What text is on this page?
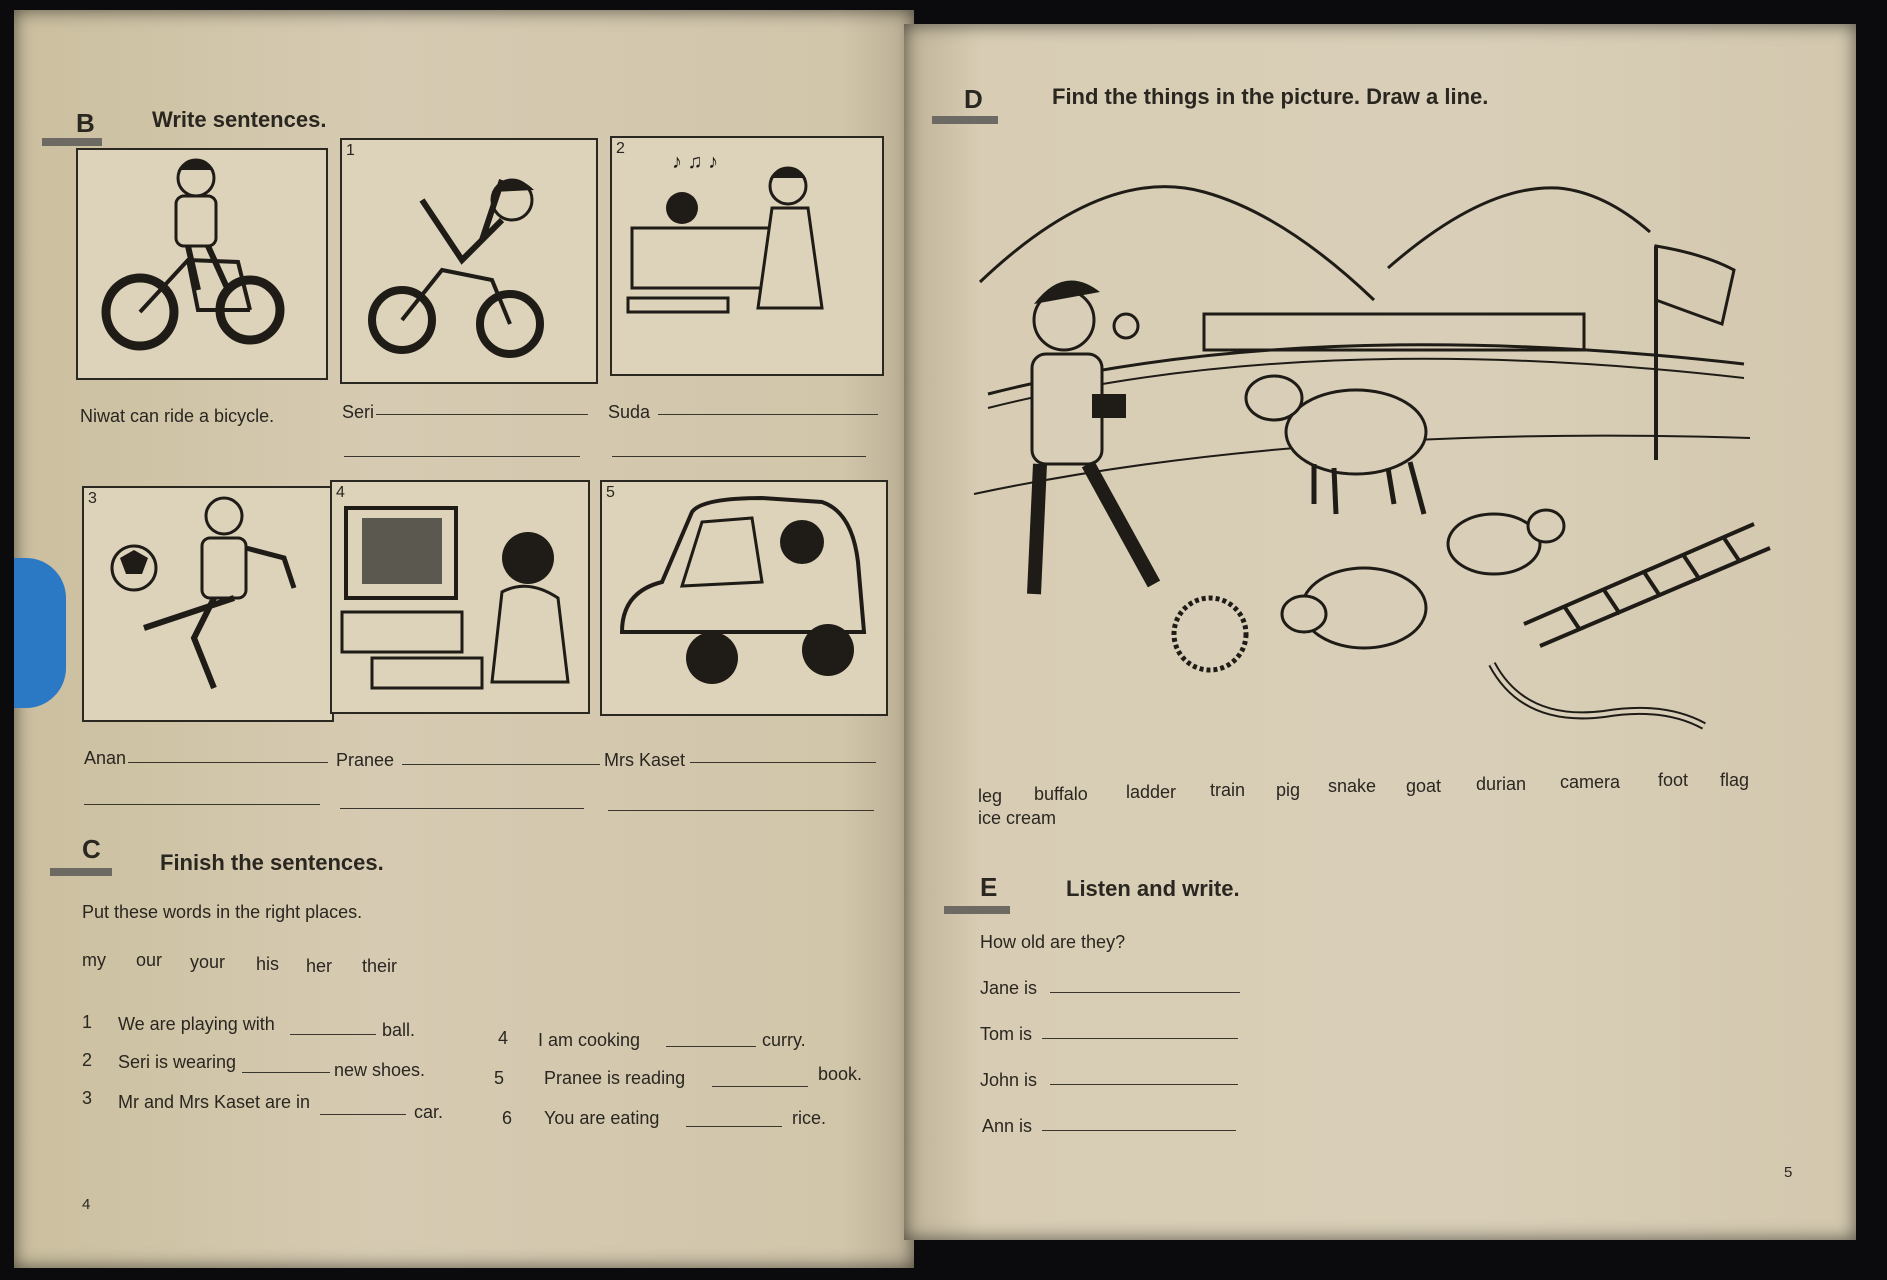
B	Write sentences.
Niwat can ride a bicycle.
1
Seri
2
♪ ♫ ♪
Suda
3
Anan
4
Pranee
5
Mrs Kaset
C	Finish the sentences.
Put these words in the right places.
my our your his her their
1 We are playing with	ball.
2 Seri is wearing	new shoes.
3 Mr and Mrs Kaset are in	car.
4 I am cooking	curry.
5 Pranee is reading	book.
6 You are eating	rice.
4
D	Find the things in the picture. Draw a line.
leg buffalo ladder train pig snake goat durian camera foot flag
ice cream
E	Listen and write.
How old are they?
Jane is
Tom is
John is
Ann is
5
